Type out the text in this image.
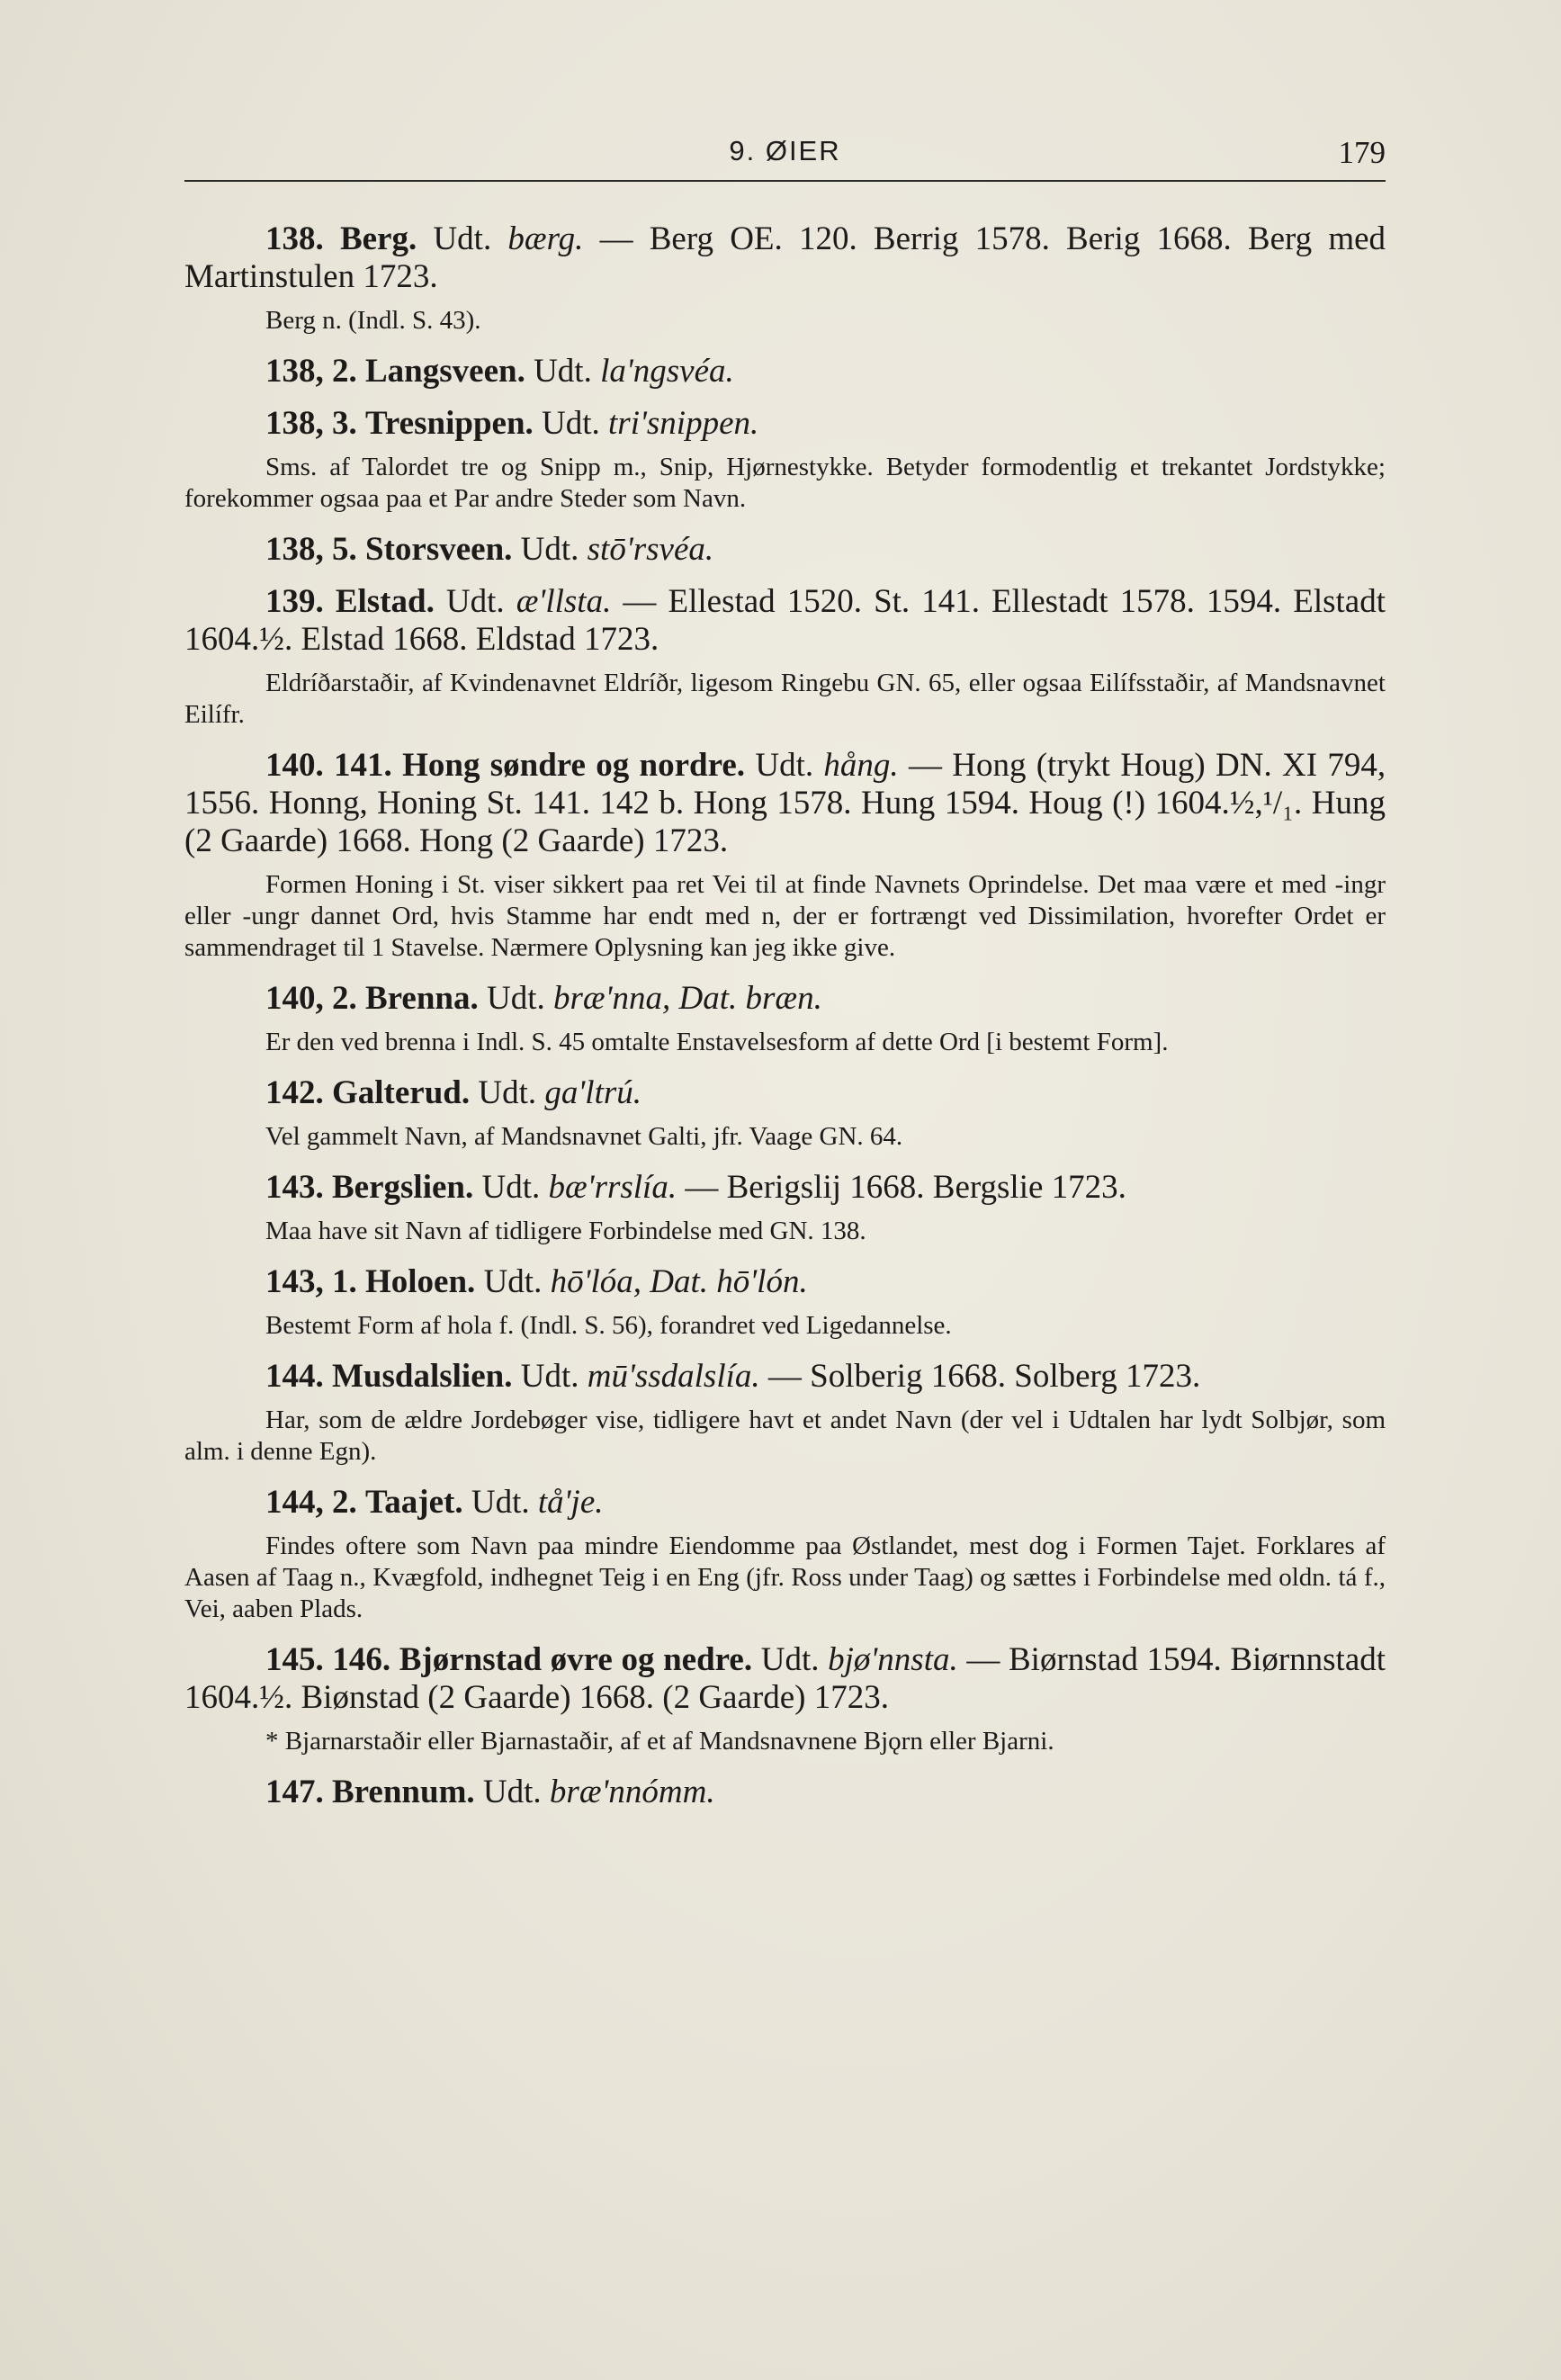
9. ØIER	179

138. Berg. Udt. bærg. — Berg OE. 120. Berrig 1578. Berig 1668. Berg med Martinstulen 1723.

Berg n. (Indl. S. 43).

138, 2. Langsveen. Udt. la'ngsvéa.

138, 3. Tresnippen. Udt. tri'snippen.

Sms. af Talordet tre og Snipp m., Snip, Hjørnestykke. Betyder formodentlig et trekantet Jordstykke; forekommer ogsaa paa et Par andre Steder som Navn.

138, 5. Storsveen. Udt. stō'rsvéa.

139. Elstad. Udt. æ'llsta. — Ellestad 1520. St. 141. Ellestadt 1578. 1594. Elstadt 1604.½. Elstad 1668. Eldstad 1723.

Eldríðarstaðir, af Kvindenavnet Eldríðr, ligesom Ringebu GN. 65, eller ogsaa Eilífsstaðir, af Mandsnavnet Eilífr.

140. 141. Hong søndre og nordre. Udt. hång. — Hong (trykt Houg) DN. XI 794, 1556. Honng, Honing St. 141. 142 b. Hong 1578. Hung 1594. Houg (!) 1604.½,¹/₁. Hung (2 Gaarde) 1668. Hong (2 Gaarde) 1723.

Formen Honing i St. viser sikkert paa ret Vei til at finde Navnets Oprindelse. Det maa være et med -ingr eller -ungr dannet Ord, hvis Stamme har endt med n, der er fortrængt ved Dissimilation, hvorefter Ordet er sammendraget til 1 Stavelse. Nærmere Oplysning kan jeg ikke give.

140, 2. Brenna. Udt. bræ'nna, Dat. bræn.

Er den ved brenna i Indl. S. 45 omtalte Enstavelsesform af dette Ord [i bestemt Form].

142. Galterud. Udt. ga'ltrú.

Vel gammelt Navn, af Mandsnavnet Galti, jfr. Vaage GN. 64.

143. Bergslien. Udt. bæ'rrslía. — Berigslij 1668. Bergslie 1723.

Maa have sit Navn af tidligere Forbindelse med GN. 138.

143, 1. Holoen. Udt. hō'lóa, Dat. hō'lón.

Bestemt Form af hola f. (Indl. S. 56), forandret ved Ligedannelse.

144. Musdalslien. Udt. mū'ssdalslía. — Solberig 1668. Solberg 1723.

Har, som de ældre Jordebøger vise, tidligere havt et andet Navn (der vel i Udtalen har lydt Solbjør, som alm. i denne Egn).

144, 2. Taajet. Udt. tå'je.

Findes oftere som Navn paa mindre Eiendomme paa Østlandet, mest dog i Formen Tajet. Forklares af Aasen af Taag n., Kvægfold, indhegnet Teig i en Eng (jfr. Ross under Taag) og sættes i Forbindelse med oldn. tá f., Vei, aaben Plads.

145. 146. Bjørnstad øvre og nedre. Udt. bjø'nnsta. — Biørnstad 1594. Biørnnstadt 1604.½. Biønstad (2 Gaarde) 1668. (2 Gaarde) 1723.

* Bjarnarstaðir eller Bjarnastaðir, af et af Mandsnavnene Bjǫrn eller Bjarni.

147. Brennum. Udt. bræ'nnómm.
